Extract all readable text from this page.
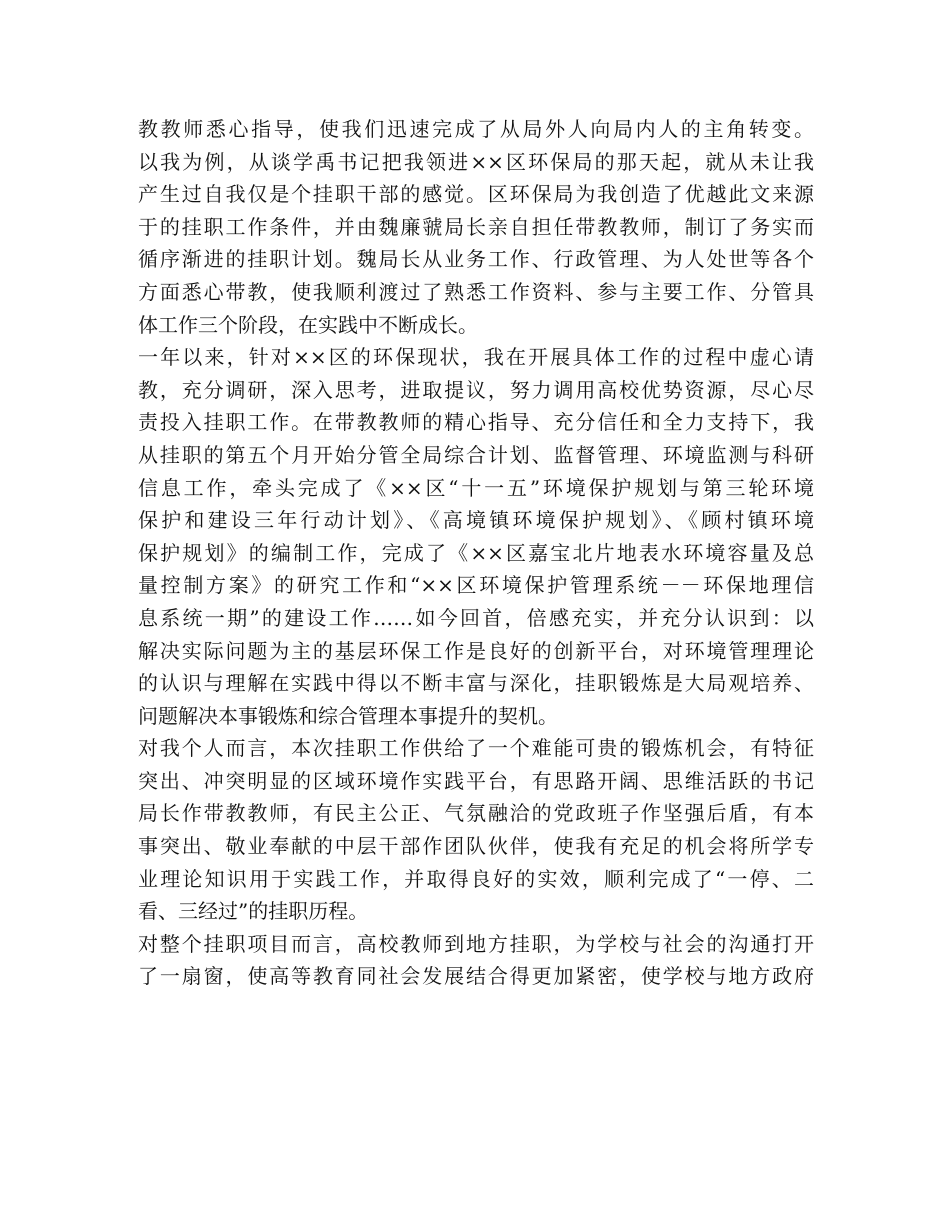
教教师悉心指导，使我们迅速完成了从局外人向局内人的主角转变。
以我为例，从谈学禹书记把我领进××区环保局的那天起，就从未让我
产生过自我仅是个挂职干部的感觉。区环保局为我创造了优越此文来源
于的挂职工作条件，并由魏廉虢局长亲自担任带教教师，制订了务实而
循序渐进的挂职计划。魏局长从业务工作、行政管理、为人处世等各个
方面悉心带教，使我顺利渡过了熟悉工作资料、参与主要工作、分管具
体工作三个阶段，在实践中不断成长。
一年以来，针对××区的环保现状，我在开展具体工作的过程中虚心请
教，充分调研，深入思考，进取提议，努力调用高校优势资源，尽心尽
责投入挂职工作。在带教教师的精心指导、充分信任和全力支持下，我
从挂职的第五个月开始分管全局综合计划、监督管理、环境监测与科研
信息工作，牵头完成了《××区“十一五”环境保护规划与第三轮环境
保护和建设三年行动计划》、《高境镇环境保护规划》、《顾村镇环境
保护规划》的编制工作，完成了《××区嘉宝北片地表水环境容量及总
量控制方案》的研究工作和“××区环境保护管理系统－－环保地理信
息系统一期”的建设工作……如今回首，倍感充实，并充分认识到：以
解决实际问题为主的基层环保工作是良好的创新平台，对环境管理理论
的认识与理解在实践中得以不断丰富与深化，挂职锻炼是大局观培养、
问题解决本事锻炼和综合管理本事提升的契机。
对我个人而言，本次挂职工作供给了一个难能可贵的锻炼机会，有特征
突出、冲突明显的区域环境作实践平台，有思路开阔、思维活跃的书记
局长作带教教师，有民主公正、气氛融洽的党政班子作坚强后盾，有本
事突出、敬业奉献的中层干部作团队伙伴，使我有充足的机会将所学专
业理论知识用于实践工作，并取得良好的实效，顺利完成了“一停、二
看、三经过”的挂职历程。
对整个挂职项目而言，高校教师到地方挂职，为学校与社会的沟通打开
了一扇窗，使高等教育同社会发展结合得更加紧密，使学校与地方政府
